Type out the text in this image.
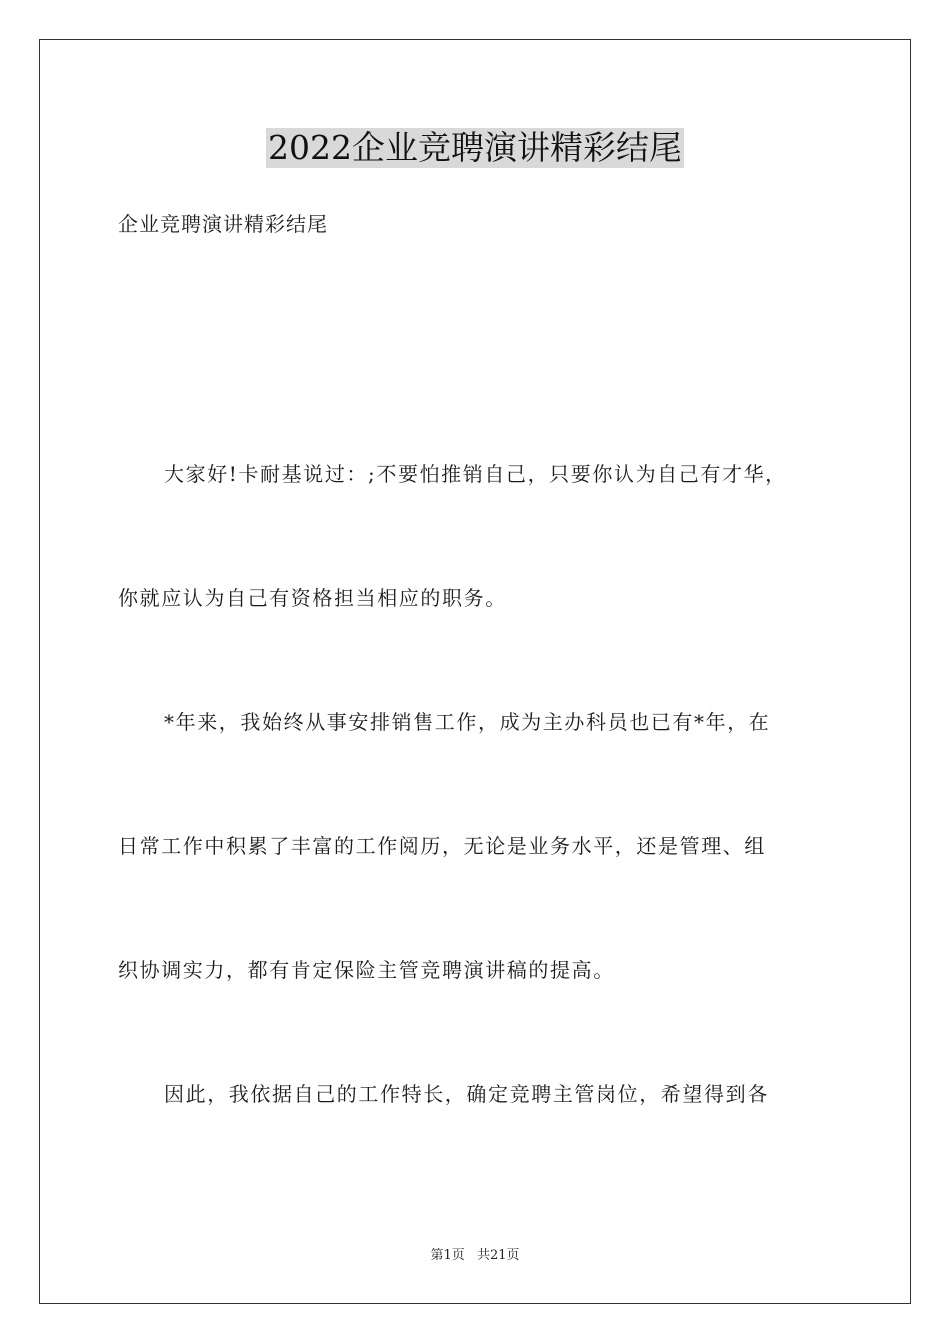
2022企业竞聘演讲精彩结尾
企业竞聘演讲精彩结尾
大家好!卡耐基说过：;不要怕推销自己，只要你认为自己有才华，
你就应认为自己有资格担当相应的职务。
*年来，我始终从事安排销售工作，成为主办科员也已有*年，在
日常工作中积累了丰富的工作阅历，无论是业务水平，还是管理、组
织协调实力，都有肯定保险主管竞聘演讲稿的提高。
因此，我依据自己的工作特长，确定竞聘主管岗位，希望得到各
第1页 共21页
